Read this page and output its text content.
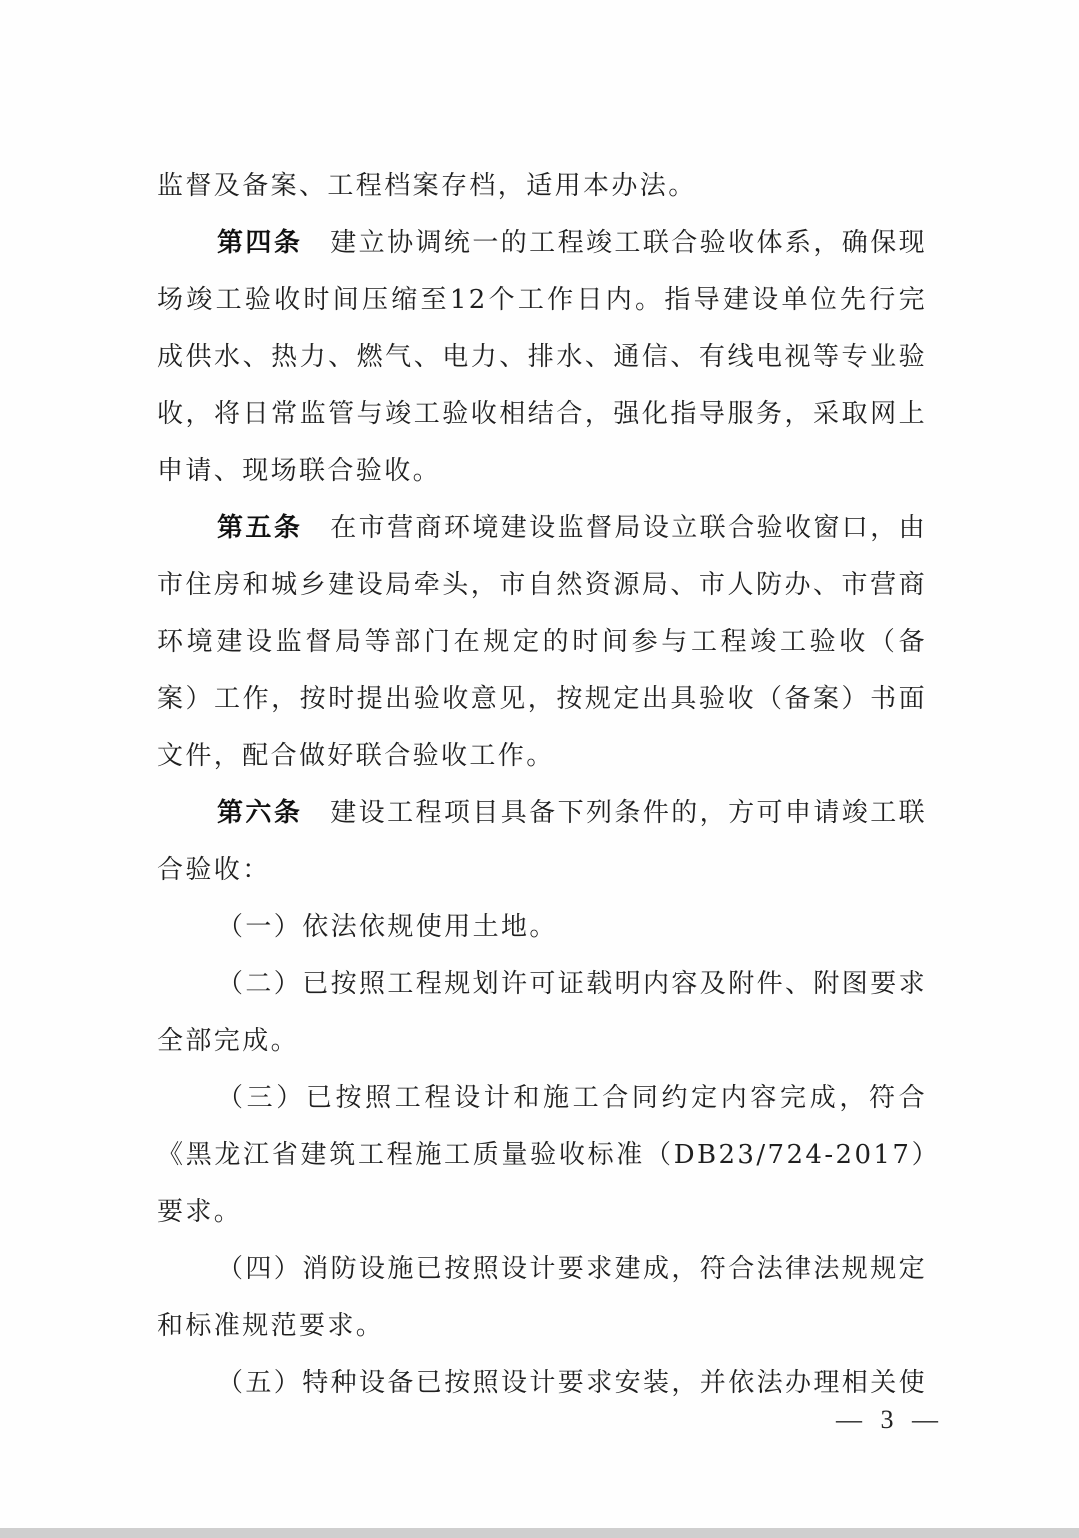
监督及备案、工程档案存档，适用本办法。

第四条 建立协调统一的工程竣工联合验收体系，确保现场竣工验收时间压缩至12个工作日内。指导建设单位先行完成供水、热力、燃气、电力、排水、通信、有线电视等专业验收，将日常监管与竣工验收相结合，强化指导服务，采取网上申请、现场联合验收。

第五条 在市营商环境建设监督局设立联合验收窗口，由市住房和城乡建设局牵头，市自然资源局、市人防办、市营商环境建设监督局等部门在规定的时间参与工程竣工验收（备案）工作，按时提出验收意见，按规定出具验收（备案）书面文件，配合做好联合验收工作。

第六条 建设工程项目具备下列条件的，方可申请竣工联合验收：

（一）依法依规使用土地。

（二）已按照工程规划许可证载明内容及附件、附图要求全部完成。

（三）已按照工程设计和施工合同约定内容完成，符合《黑龙江省建筑工程施工质量验收标准（DB23/724-2017）要求。

（四）消防设施已按照设计要求建成，符合法律法规规定和标准规范要求。

（五）特种设备已按照设计要求安装，并依法办理相关使

— 3 —
